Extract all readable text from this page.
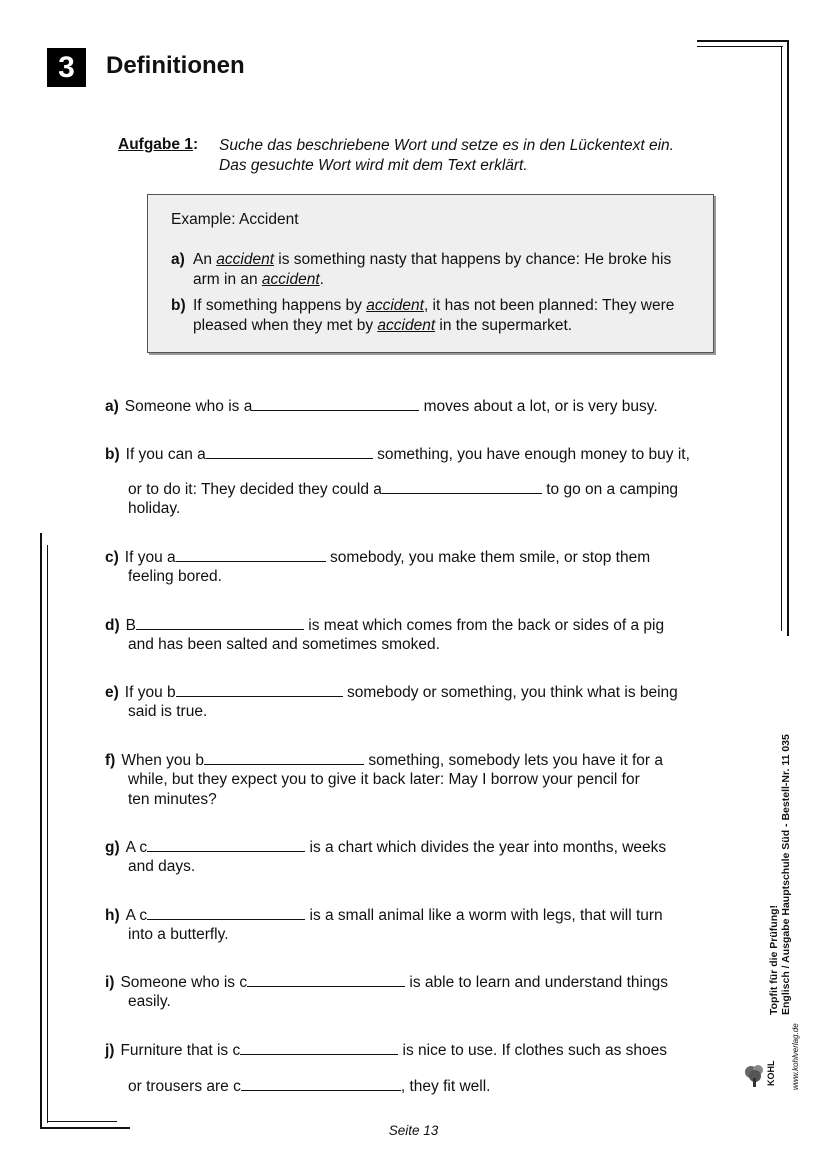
3	Definitionen
Aufgabe 1: Suche das beschriebene Wort und setze es in den Lückentext ein.
Das gesuchte Wort wird mit dem Text erklärt.
Example: Accident
a) An accident is something nasty that happens by chance: He broke his
arm in an accident.
b) If something happens by accident, it has not been planned: They were
pleased when they met by accident in the supermarket.
a) Someone who is a	moves about a lot, or is very busy.
b) If you can a	something, you have enough money to buy it,
or to do it: They decided they could a	to go on a camping
holiday.
c) If you a	somebody, you make them smile, or stop them
feeling bored.
d) B	is meat which comes from the back or sides of a pig
and has been salted and sometimes smoked.
e) If you b	somebody or something, you think what is being
said is true.
f) When you b	something, somebody lets you have it for a
while, but they expect you to give it back later: May I borrow your pencil for
ten minutes?
g) A c	is a chart which divides the year into months, weeks
and days.
h) A c	is a small animal like a worm with legs, that will turn
into a butterfly.
i) Someone who is c	is able to learn and understand things
easily.
j) Furniture that is c	is nice to use. If clothes such as shoes
or trousers are c	, they fit well.
Seite 13
Topfit für die Prüfung! Englisch / Ausgabe Hauptschule Süd - Bestell-Nr. 11 035
www.kohlverlag.de
KOHL
